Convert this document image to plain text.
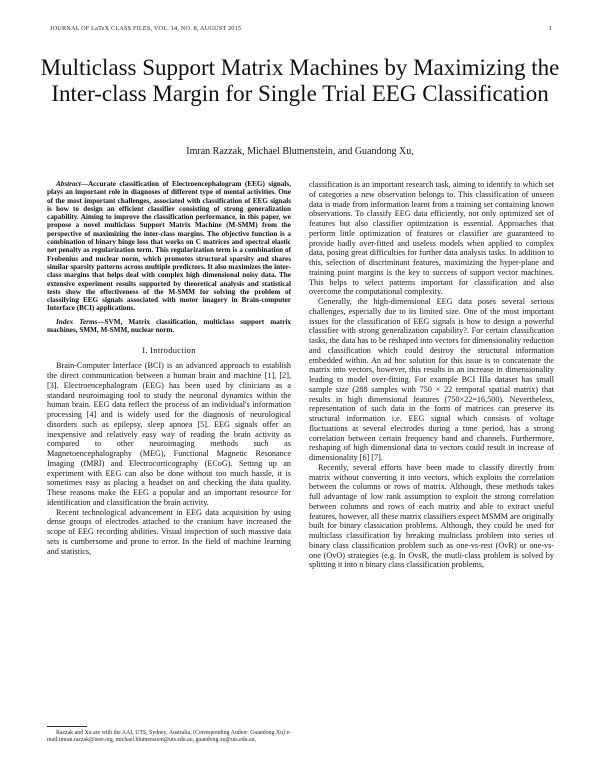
JOURNAL OF LaTeX CLASS FILES, VOL. 14, NO. 8, AUGUST 2015	1
Multiclass Support Matrix Machines by Maximizing the Inter-class Margin for Single Trial EEG Classification
Imran Razzak, Michael Blumenstein, and Guandong Xu,

Abstract—Accurate classification of Electroencephalogram (EEG) signals, plays an important role in diagnoses of different type of mental activities. One of the most important challenges, associated with classification of EEG signals is how to design an efficient classifier consisting of strong generalization capability. Aiming to improve the classification performance, in this paper, we propose a novel multiclass Support Matrix Machine (M-SMM) from the perspective of maximizing the inter-class margins. The objective function is a combination of binary hinge loss that works on C matrices and spectral elastic net penalty as regularization term. This regularization term is a combination of Frobenius and nuclear norm, which promotes structural sparsity and shares similar sparsity patterns across multiple predictors. It also maximizes the inter-class margins that helps deal with complex high dimensional noisy data. The extensive experiment results supported by theoretical analysis and statistical tests show the effectiveness of the M-SMM for solving the problem of classifying EEG signals associated with motor imagery in Brain-computer Interface (BCI) applications.

Index Terms—SVM, Matrix classification, multiclass support matrix machines, SMM, M-SMM, nuclear norm.

I. Introduction

Brain-Computer Interface (BCI) is an advanced approach to establish the direct communication between a human brain and machine [1], [2], [3]. Electroencephalogram (EEG) has been used by clinicians as a standard neuroimaging tool to study the neuronal dynamics within the human brain. EEG data reflect the process of an individual's information processing [4] and is widely used for the diagnosis of neurological disorders such as epilepsy, sleep apnoea [5]. EEG signals offer an inexpensive and relatively easy way of reading the brain activity as compared to other neuroimaging methods such as Magnetoencephalography (MEG), Functional Magnetic Resonance Imaging (fMRI) and Electrocorticography (ECoG). Setting up an experiment with EEG can also be done without too much hassle, it is sometimes easy as placing a headset on and checking the data quality. These reasons make the EEG a popular and an important resource for identification and classification the brain activity.

Recent technological advancement in EEG data acquisition by using dense groups of electrodes attached to the cranium have increased the scope of EEG recording abilities. Visual inspection of such massive data sets is cumbersome and prone to error. In the field of machine learning and statistics,

classification is an important research task, aiming to identify to which set of categories a new observation belongs to. This classification of unseen data is made from information learnt from a training set containing known observations. To classify EEG data efficiently, not only optimized set of features but also classifier optimization is essential. Approaches that perform little optimization of features or classifier are guaranteed to provide badly over-fitted and useless models when applied to complex data, posing great difficulties for further data analysis tasks. In addition to this, selection of discriminant features, maximizing the hyper-plane and training point margins is the key to success of support vector machines. This helps to select patterns important for classification and also overcome the computational complexity.

Generally, the high-dimensional EEG data poses several serious challenges, especially due to its limited size. One of the most important issues for the classification of EEG signals is how to design a powerful classifier with strong generalization capability?. For certain classification tasks, the data has to be reshaped into vectors for dimensionality reduction and classification which could destroy the structural information embedded within. An ad hoc solution for this issue is to concatenate the matrix into vectors, however, this results in an increase in dimensionality leading to model over-fitting. For example BCI IIIa dataset has small sample size (288 samples with 750 × 22 temporal spatial matrix) that results in high dimensional features (750×22=16,500). Nevertheless, representation of such data in the form of matrices can preserve its structural information i.e. EEG signal which consists of voltage fluctuations at several electrodes during a time period, has a strong correlation between certain frequency band and channels. Furthermore, reshaping of high dimensional data to vectors could result in increase of dimensionality [6] [7].

Recently, several efforts have been made to classify directly from matrix without converting it into vectors, which exploits the correlation between the columns or rows of matrix. Although, these methods takes full advantage of low rank assumption to exploit the strong correlation between columns and rows of each matrix and able to extract useful features, however, all these matrix classifiers expect MSMM are originally built for binary classication problems. Although, they could be used for multiclass classification by breaking multiclass problem into series of binary class classification problem such as one-vs-rest (OvR) or one-vs-one (OvO) strategies (e.g. In OvsR, the mutli-class problem is solved by splitting it into n binary class classification problems,

Razzak and Xu are with the AAI, UTS, Sydney, Australia, (Corresponding Author: Guandong Xu) e-mail:imran.razzak@ieee.org, michael.blumenstein@uts.edu.au, guandong.xu@uts.edu.au,
